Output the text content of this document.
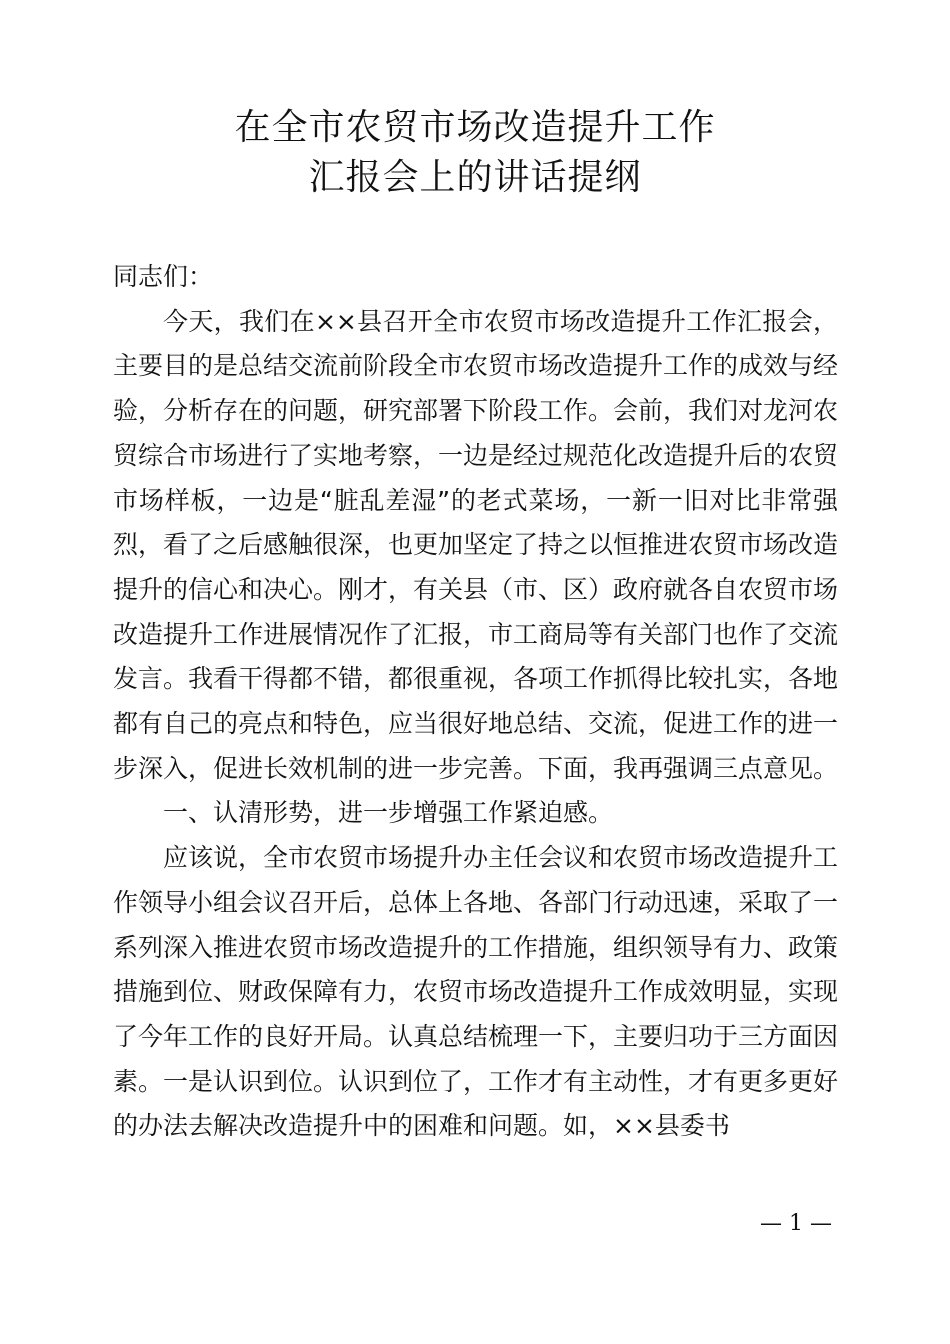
在全市农贸市场改造提升工作
汇报会上的讲话提纲

同志们：

今天，我们在××县召开全市农贸市场改造提升工作汇报会，主要目的是总结交流前阶段全市农贸市场改造提升工作的成效与经验，分析存在的问题，研究部署下阶段工作。会前，我们对龙河农贸综合市场进行了实地考察，一边是经过规范化改造提升后的农贸市场样板，一边是“脏乱差湿”的老式菜场，一新一旧对比非常强烈，看了之后感触很深，也更加坚定了持之以恒推进农贸市场改造提升的信心和决心。刚才，有关县（市、区）政府就各自农贸市场改造提升工作进展情况作了汇报，市工商局等有关部门也作了交流发言。我看干得都不错，都很重视，各项工作抓得比较扎实，各地都有自己的亮点和特色，应当很好地总结、交流，促进工作的进一步深入，促进长效机制的进一步完善。下面，我再强调三点意见。

一、认清形势，进一步增强工作紧迫感。

应该说，全市农贸市场提升办主任会议和农贸市场改造提升工作领导小组会议召开后，总体上各地、各部门行动迅速，采取了一系列深入推进农贸市场改造提升的工作措施，组织领导有力、政策措施到位、财政保障有力，农贸市场改造提升工作成效明显，实现了今年工作的良好开局。认真总结梳理一下，主要归功于三方面因素。一是认识到位。认识到位了，工作才有主动性，才有更多更好的办法去解决改造提升中的困难和问题。如，××县委书

— 1 —
